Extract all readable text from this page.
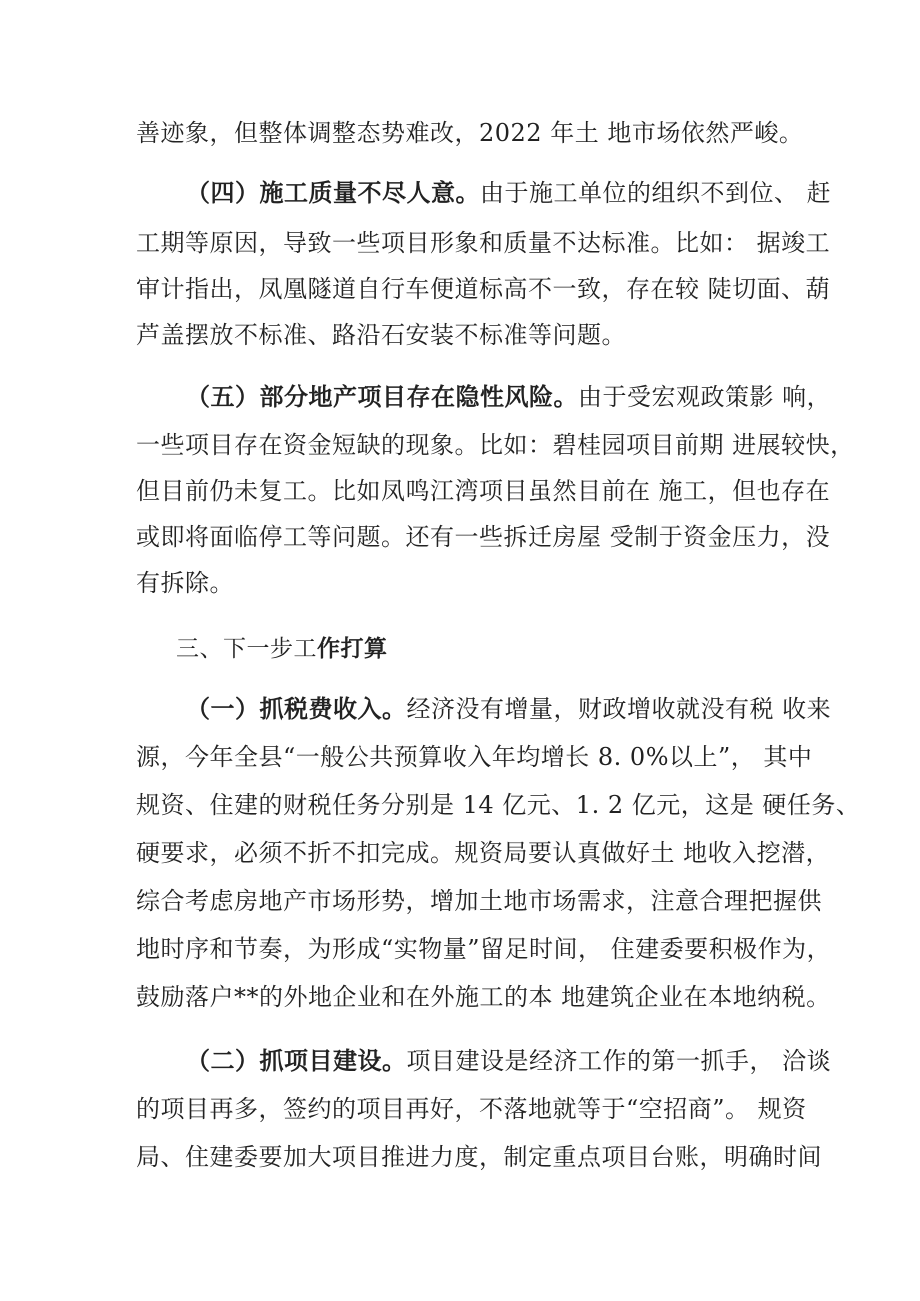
善迹象，但整体调整态势难改，2022 年土 地市场依然严峻。
（四）施工质量不尽人意。由于施工单位的组织不到位、 赶
工期等原因，导致一些项目形象和质量不达标准。比如： 据竣工
审计指出，凤凰隧道自行车便道标高不一致，存在较 陡切面、葫
芦盖摆放不标准、路沿石安装不标准等问题。
（五）部分地产项目存在隐性风险。由于受宏观政策影 响，
一些项目存在资金短缺的现象。比如：碧桂园项目前期 进展较快，
但目前仍未复工。比如凤鸣江湾项目虽然目前在 施工，但也存在
或即将面临停工等问题。还有一些拆迁房屋 受制于资金压力，没
有拆除。
三、下一步工作打算
（一）抓税费收入。经济没有增量，财政增收就没有税 收来
源，今年全县“一般公共预算收入年均增长 8. 0%以上”， 其中
规资、住建的财税任务分别是 14 亿元、1. 2 亿元，这是 硬任务、
硬要求，必须不折不扣完成。规资局要认真做好土 地收入挖潜，
综合考虑房地产市场形势，增加土地市场需求，注意合理把握供
地时序和节奏，为形成“实物量”留足时间， 住建委要积极作为，
鼓励落户**的外地企业和在外施工的本 地建筑企业在本地纳税。
（二）抓项目建设。项目建设是经济工作的第一抓手， 洽谈
的项目再多，签约的项目再好，不落地就等于“空招商”。 规资
局、住建委要加大项目推进力度，制定重点项目台账，明确时间
